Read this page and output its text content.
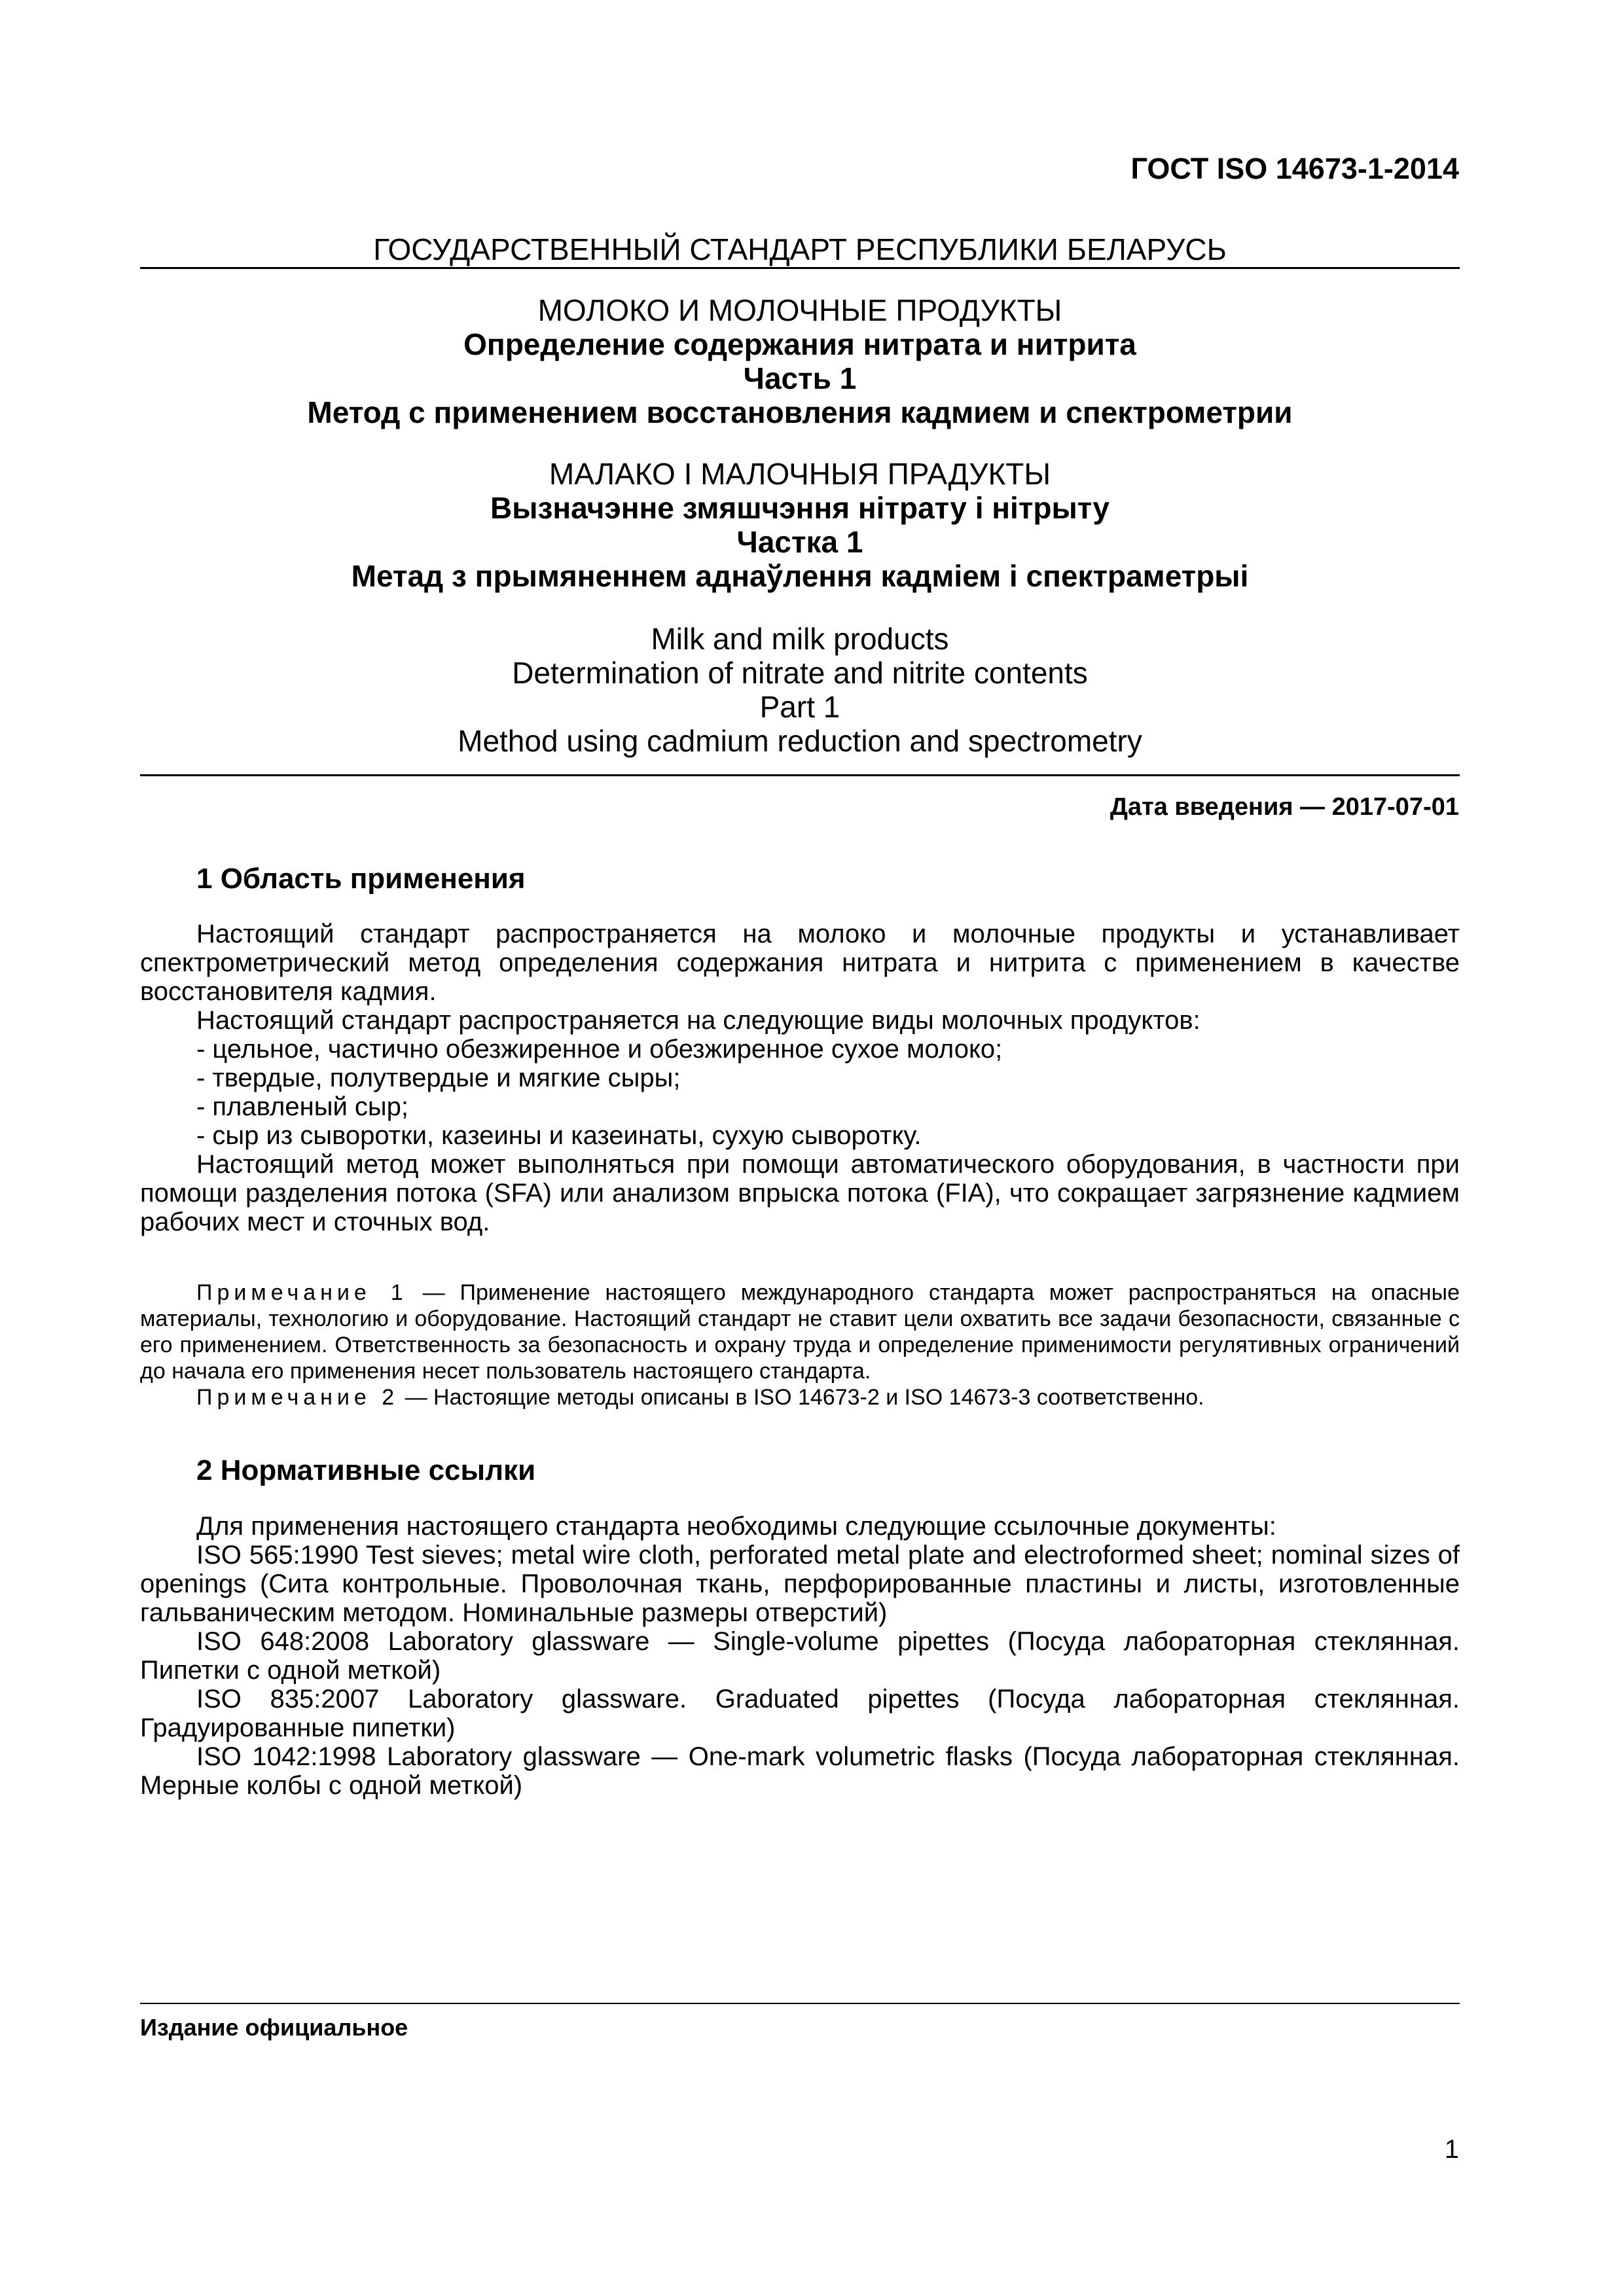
ГОСТ ISO 14673-1-2014
ГОСУДАРСТВЕННЫЙ СТАНДАРТ РЕСПУБЛИКИ БЕЛАРУСЬ
МОЛОКО И МОЛОЧНЫЕ ПРОДУКТЫ
Определение содержания нитрата и нитрита
Часть 1
Метод с применением восстановления кадмием и спектрометрии
МАЛАКО І МАЛОЧНЫЯ ПРАДУКТЫ
Вызначэнне змяшчэння нітрату і нітрыту
Частка 1
Метад з прымяненнем аднаўлення кадміем і спектраметрыі
Milk and milk products
Determination of nitrate and nitrite contents
Part 1
Method using cadmium reduction and spectrometry
Дата введения — 2017-07-01
1 Область применения

Настоящий стандарт распространяется на молоко и молочные продукты и устанавливает спектрометрический метод определения содержания нитрата и нитрита с применением в качестве восстановителя кадмия.

Настоящий стандарт распространяется на следующие виды молочных продуктов:

- цельное, частично обезжиренное и обезжиренное сухое молоко;

- твердые, полутвердые и мягкие сыры;

- плавленый сыр;

- сыр из сыворотки, казеины и казеинаты, сухую сыворотку.

Настоящий метод может выполняться при помощи автоматического оборудования, в частности при помощи разделения потока (SFA) или анализом впрыска потока (FIA), что сокращает загрязнение кадмием рабочих мест и сточных вод.

Примечание 1 — Применение настоящего международного стандарта может распространяться на опасные материалы, технологию и оборудование. Настоящий стандарт не ставит цели охватить все задачи безопасности, связанные с его применением. Ответственность за безопасность и охрану труда и определение применимости регулятивных ограничений до начала его применения несет пользователь настоящего стандарта.

Примечание 2 — Настоящие методы описаны в ISO 14673-2 и ISO 14673-3 соответственно.

2 Нормативные ссылки

Для применения настоящего стандарта необходимы следующие ссылочные документы:

ISO 565:1990 Test sieves; metal wire cloth, perforated metal plate and electroformed sheet; nominal sizes of openings (Сита контрольные. Проволочная ткань, перфорированные пластины и листы, изготовленные гальваническим методом. Номинальные размеры отверстий)

ISO 648:2008 Laboratory glassware — Single-volume pipettes (Посуда лабораторная стеклянная. Пипетки с одной меткой)

ISO 835:2007 Laboratory glassware. Graduated pipettes (Посуда лабораторная стеклянная. Градуированные пипетки)

ISO 1042:1998 Laboratory glassware — One-mark volumetric flasks (Посуда лабораторная стеклянная. Мерные колбы с одной меткой)

Издание официальное
1
